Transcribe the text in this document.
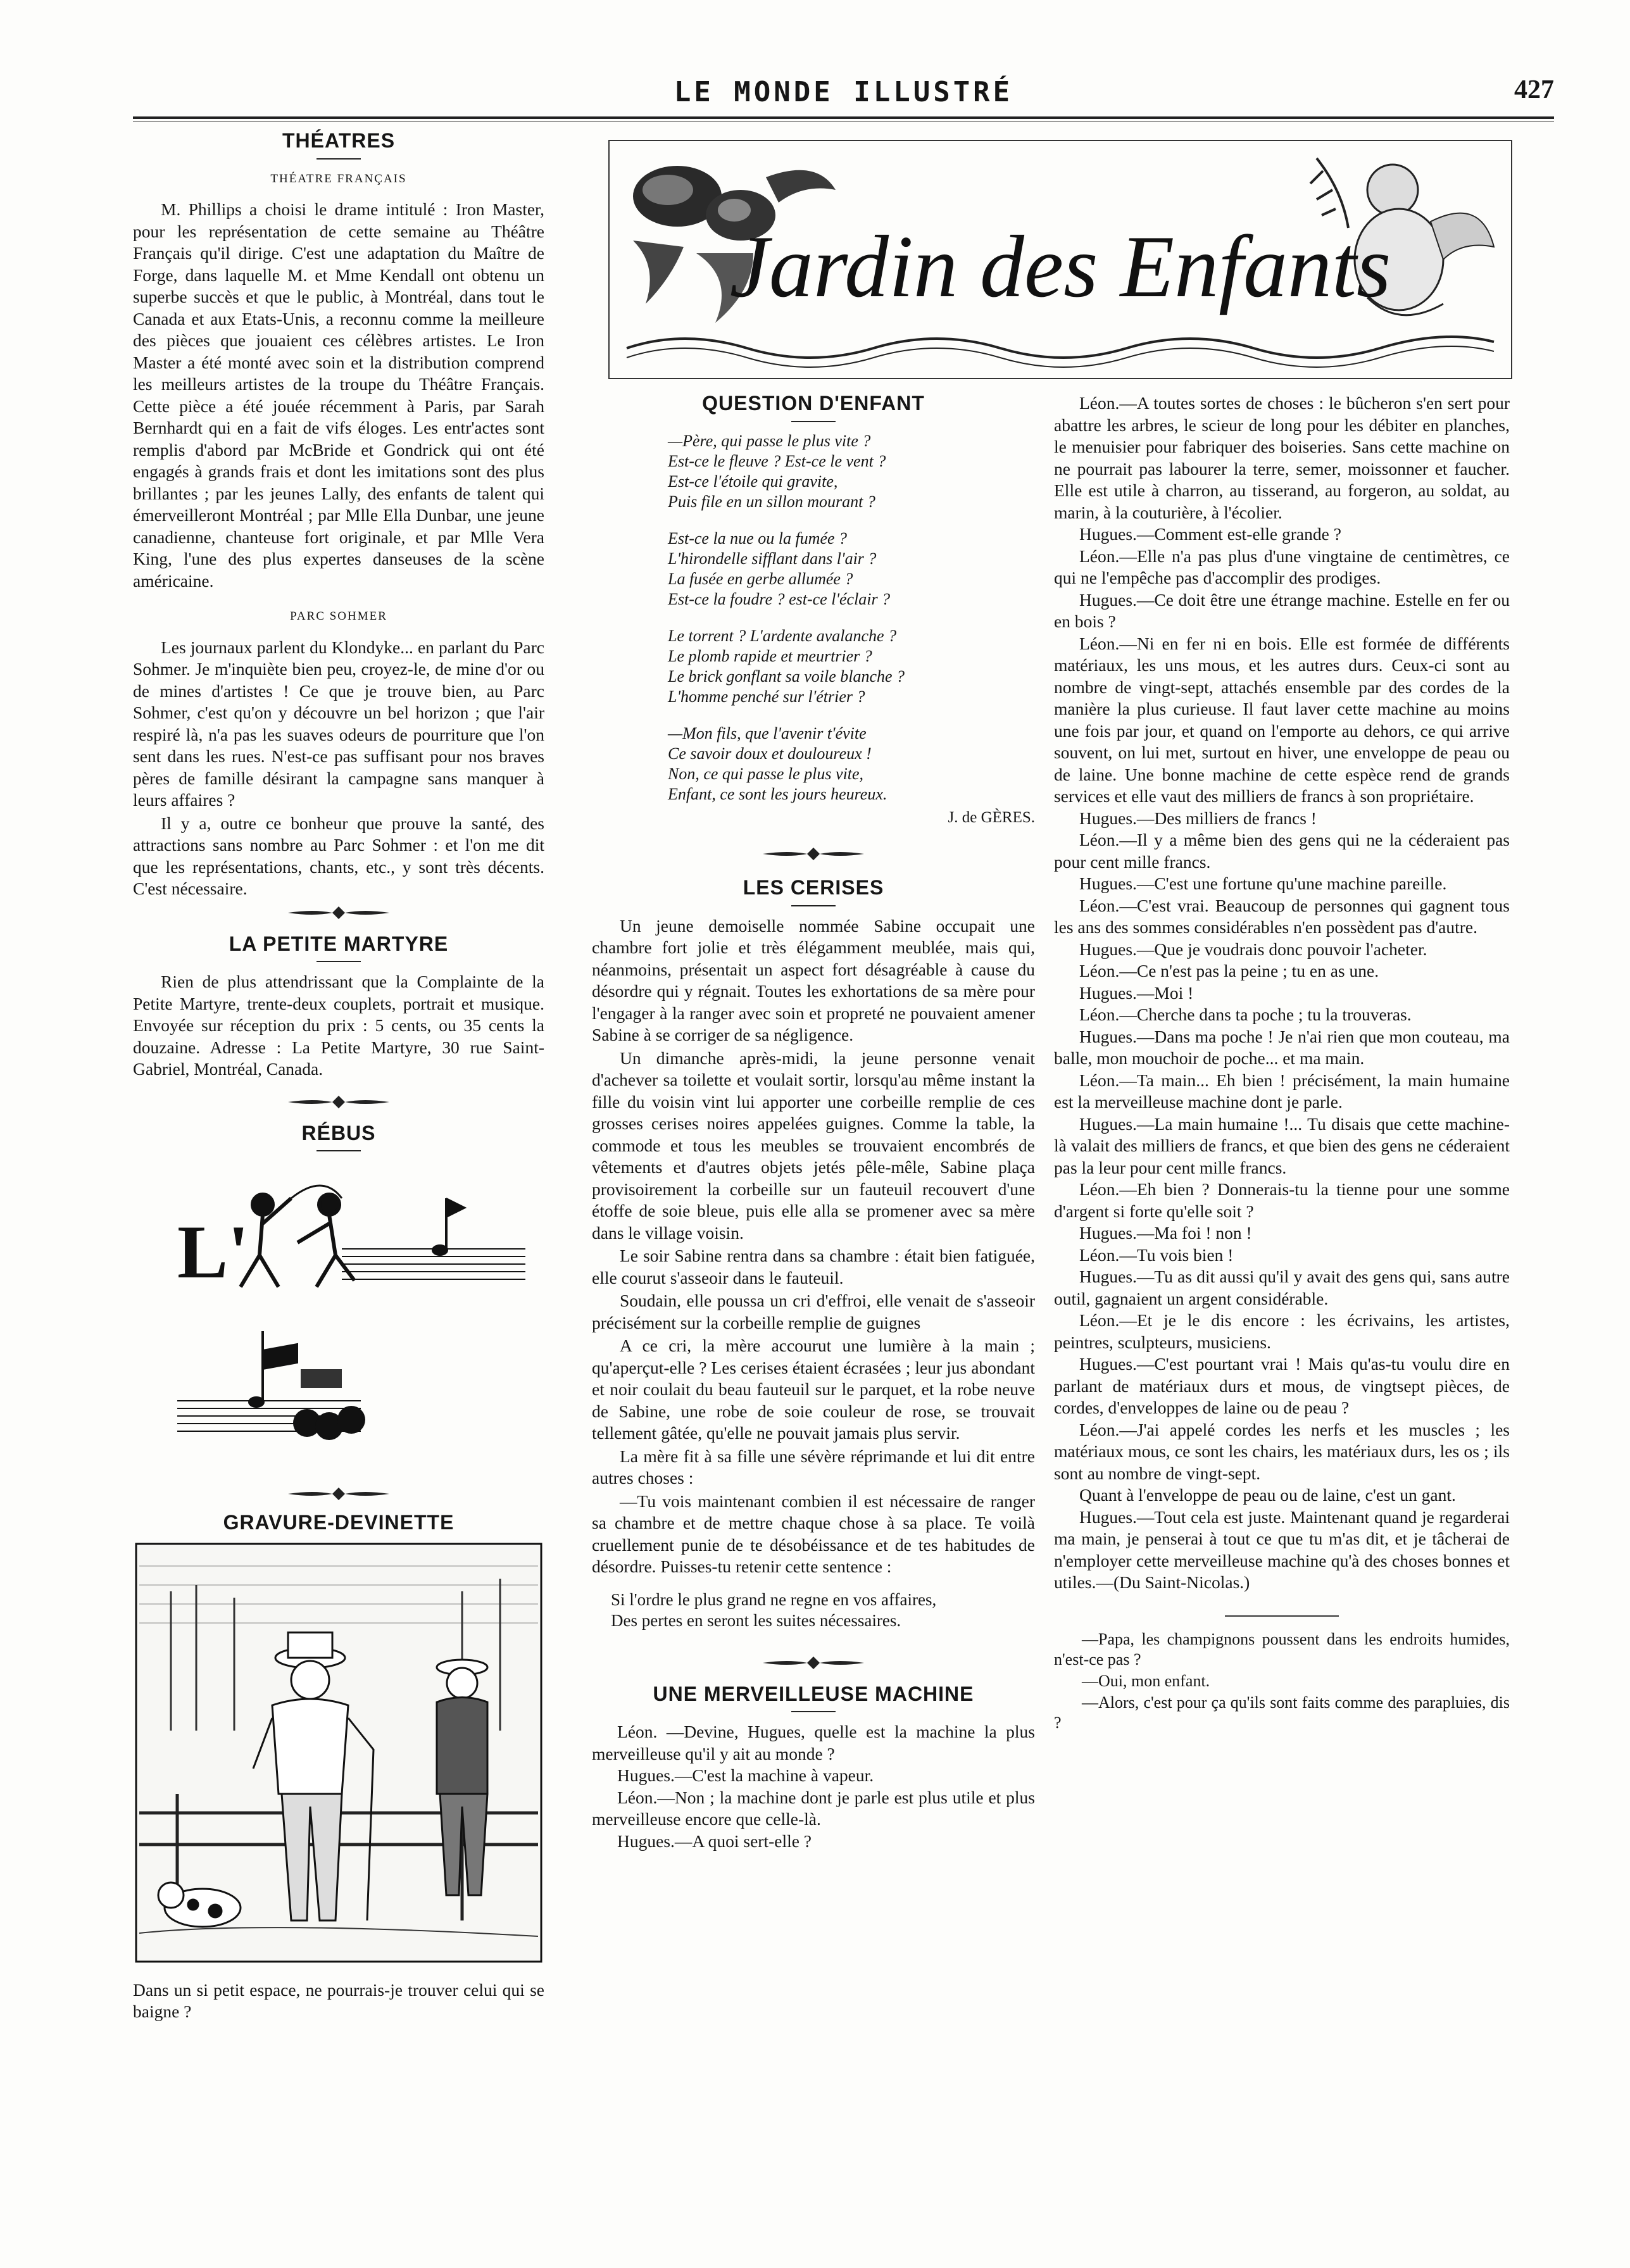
LE MONDE ILLUSTRÉ	427
Jardin des Enfants
THÉATRES
THÉATRE FRANÇAIS

M. Phillips a choisi le drame intitulé : Iron Master, pour les représentation de cette semaine au Théâtre Français qu'il dirige. C'est une adaptation du Maître de Forge, dans laquelle M. et Mme Kendall ont obtenu un superbe succès et que le public, à Montréal, dans tout le Canada et aux Etats-Unis, a reconnu comme la meilleure des pièces que jouaient ces célèbres artistes. Le Iron Master a été monté avec soin et la distribution comprend les meilleurs artistes de la troupe du Théâtre Français. Cette pièce a été jouée récemment à Paris, par Sarah Bernhardt qui en a fait de vifs éloges. Les entr'actes sont remplis d'abord par McBride et Gondrick qui ont été engagés à grands frais et dont les imitations sont des plus brillantes ; par les jeunes Lally, des enfants de talent qui émerveilleront Montréal ; par Mlle Ella Dunbar, une jeune canadienne, chanteuse fort originale, et par Mlle Vera King, l'une des plus expertes danseuses de la scène américaine.

PARC SOHMER

Les journaux parlent du Klondyke... en parlant du Parc Sohmer. Je m'inquiète bien peu, croyez-le, de mine d'or ou de mines d'artistes ! Ce que je trouve bien, au Parc Sohmer, c'est qu'on y découvre un bel horizon ; que l'air respiré là, n'a pas les suaves odeurs de pourriture que l'on sent dans les rues. N'est-ce pas suffisant pour nos braves pères de famille désirant la campagne sans manquer à leurs affaires ?

Il y a, outre ce bonheur que prouve la santé, des attractions sans nombre au Parc Sohmer : et l'on me dit que les représentations, chants, etc., y sont très décents. C'est nécessaire.

LA PETITE MARTYRE

Rien de plus attendrissant que la Complainte de la Petite Martyre, trente-deux couplets, portrait et musique. Envoyée sur réception du prix : 5 cents, ou 35 cents la douzaine. Adresse : La Petite Martyre, 30 rue Saint-Gabriel, Montréal, Canada.

RÉBUS
L'
GRAVURE-DEVINETTE

Dans un si petit espace, ne pourrais-je trouver celui qui se baigne ?

QUESTION D'ENFANT
—Père, qui passe le plus vite ?
Est-ce le fleuve ? Est-ce le vent ?
Est-ce l'étoile qui gravite,
Puis file en un sillon mourant ?
Est-ce la nue ou la fumée ?
L'hirondelle sifflant dans l'air ?
La fusée en gerbe allumée ?
Est-ce la foudre ? est-ce l'éclair ?
Le torrent ? L'ardente avalanche ?
Le plomb rapide et meurtrier ?
Le brick gonflant sa voile blanche ?
L'homme penché sur l'étrier ?
—Mon fils, que l'avenir t'évite
Ce savoir doux et douloureux !
Non, ce qui passe le plus vite,
Enfant, ce sont les jours heureux.
J. de GÈRES.
LES CERISES

Un jeune demoiselle nommée Sabine occupait une chambre fort jolie et très élégamment meublée, mais qui, néanmoins, présentait un aspect fort désagréable à cause du désordre qui y régnait. Toutes les exhortations de sa mère pour l'engager à la ranger avec soin et propreté ne pouvaient amener Sabine à se corriger de sa négligence.

Un dimanche après-midi, la jeune personne venait d'achever sa toilette et voulait sortir, lorsqu'au même instant la fille du voisin vint lui apporter une corbeille remplie de ces grosses cerises noires appelées guignes. Comme la table, la commode et tous les meubles se trouvaient encombrés de vêtements et d'autres objets jetés pêle-mêle, Sabine plaça provisoirement la corbeille sur un fauteuil recouvert d'une étoffe de soie bleue, puis elle alla se promener avec sa mère dans le village voisin.

Le soir Sabine rentra dans sa chambre : était bien fatiguée, elle courut s'asseoir dans le fauteuil.

Soudain, elle poussa un cri d'effroi, elle venait de s'asseoir précisément sur la corbeille remplie de guignes

A ce cri, la mère accourut une lumière à la main ; qu'aperçut-elle ? Les cerises étaient écrasées ; leur jus abondant et noir coulait du beau fauteuil sur le parquet, et la robe neuve de Sabine, une robe de soie couleur de rose, se trouvait tellement gâtée, qu'elle ne pouvait jamais plus servir.

La mère fit à sa fille une sévère réprimande et lui dit entre autres choses :

—Tu vois maintenant combien il est nécessaire de ranger sa chambre et de mettre chaque chose à sa place. Te voilà cruellement punie de te désobéissance et de tes habitudes de désordre. Puisses-tu retenir cette sentence :

Si l'ordre le plus grand ne regne en vos affaires,
Des pertes en seront les suites nécessaires.
UNE MERVEILLEUSE MACHINE

Léon. —Devine, Hugues, quelle est la machine la plus merveilleuse qu'il y ait au monde ?

Hugues.—C'est la machine à vapeur.

Léon.—Non ; la machine dont je parle est plus utile et plus merveilleuse encore que celle-là.

Hugues.—A quoi sert-elle ?

Léon.—A toutes sortes de choses : le bûcheron s'en sert pour abattre les arbres, le scieur de long pour les débiter en planches, le menuisier pour fabriquer des boiseries. Sans cette machine on ne pourrait pas labourer la terre, semer, moissonner et faucher. Elle est utile à charron, au tisserand, au forgeron, au soldat, au marin, à la couturière, à l'écolier.

Hugues.—Comment est-elle grande ?

Léon.—Elle n'a pas plus d'une vingtaine de centimètres, ce qui ne l'empêche pas d'accomplir des prodiges.

Hugues.—Ce doit être une étrange machine. Estelle en fer ou en bois ?

Léon.—Ni en fer ni en bois. Elle est formée de différents matériaux, les uns mous, et les autres durs. Ceux-ci sont au nombre de vingt-sept, attachés ensemble par des cordes de la manière la plus curieuse. Il faut laver cette machine au moins une fois par jour, et quand on l'emporte au dehors, ce qui arrive souvent, on lui met, surtout en hiver, une enveloppe de peau ou de laine. Une bonne machine de cette espèce rend de grands services et elle vaut des milliers de francs à son propriétaire.

Hugues.—Des milliers de francs !

Léon.—Il y a même bien des gens qui ne la céderaient pas pour cent mille francs.

Hugues.—C'est une fortune qu'une machine pareille.

Léon.—C'est vrai. Beaucoup de personnes qui gagnent tous les ans des sommes considérables n'en possèdent pas d'autre.

Hugues.—Que je voudrais donc pouvoir l'acheter.

Léon.—Ce n'est pas la peine ; tu en as une.

Hugues.—Moi !

Léon.—Cherche dans ta poche ; tu la trouveras.

Hugues.—Dans ma poche ! Je n'ai rien que mon couteau, ma balle, mon mouchoir de poche... et ma main.

Léon.—Ta main... Eh bien ! précisément, la main humaine est la merveilleuse machine dont je parle.

Hugues.—La main humaine !... Tu disais que cette machine-là valait des milliers de francs, et que bien des gens ne céderaient pas la leur pour cent mille francs.

Léon.—Eh bien ? Donnerais-tu la tienne pour une somme d'argent si forte qu'elle soit ?

Hugues.—Ma foi ! non !

Léon.—Tu vois bien !

Hugues.—Tu as dit aussi qu'il y avait des gens qui, sans autre outil, gagnaient un argent considérable.

Léon.—Et je le dis encore : les écrivains, les artistes, peintres, sculpteurs, musiciens.

Hugues.—C'est pourtant vrai ! Mais qu'as-tu voulu dire en parlant de matériaux durs et mous, de vingtsept pièces, de cordes, d'enveloppes de laine ou de peau ?

Léon.—J'ai appelé cordes les nerfs et les muscles ; les matériaux mous, ce sont les chairs, les matériaux durs, les os ; ils sont au nombre de vingt-sept.

Quant à l'enveloppe de peau ou de laine, c'est un gant.

Hugues.—Tout cela est juste. Maintenant quand je regarderai ma main, je penserai à tout ce que tu m'as dit, et je tâcherai de n'employer cette merveilleuse machine qu'à des choses bonnes et utiles.—(Du Saint-Nicolas.)

—Papa, les champignons poussent dans les endroits humides, n'est-ce pas ?

—Oui, mon enfant.

—Alors, c'est pour ça qu'ils sont faits comme des parapluies, dis ?
